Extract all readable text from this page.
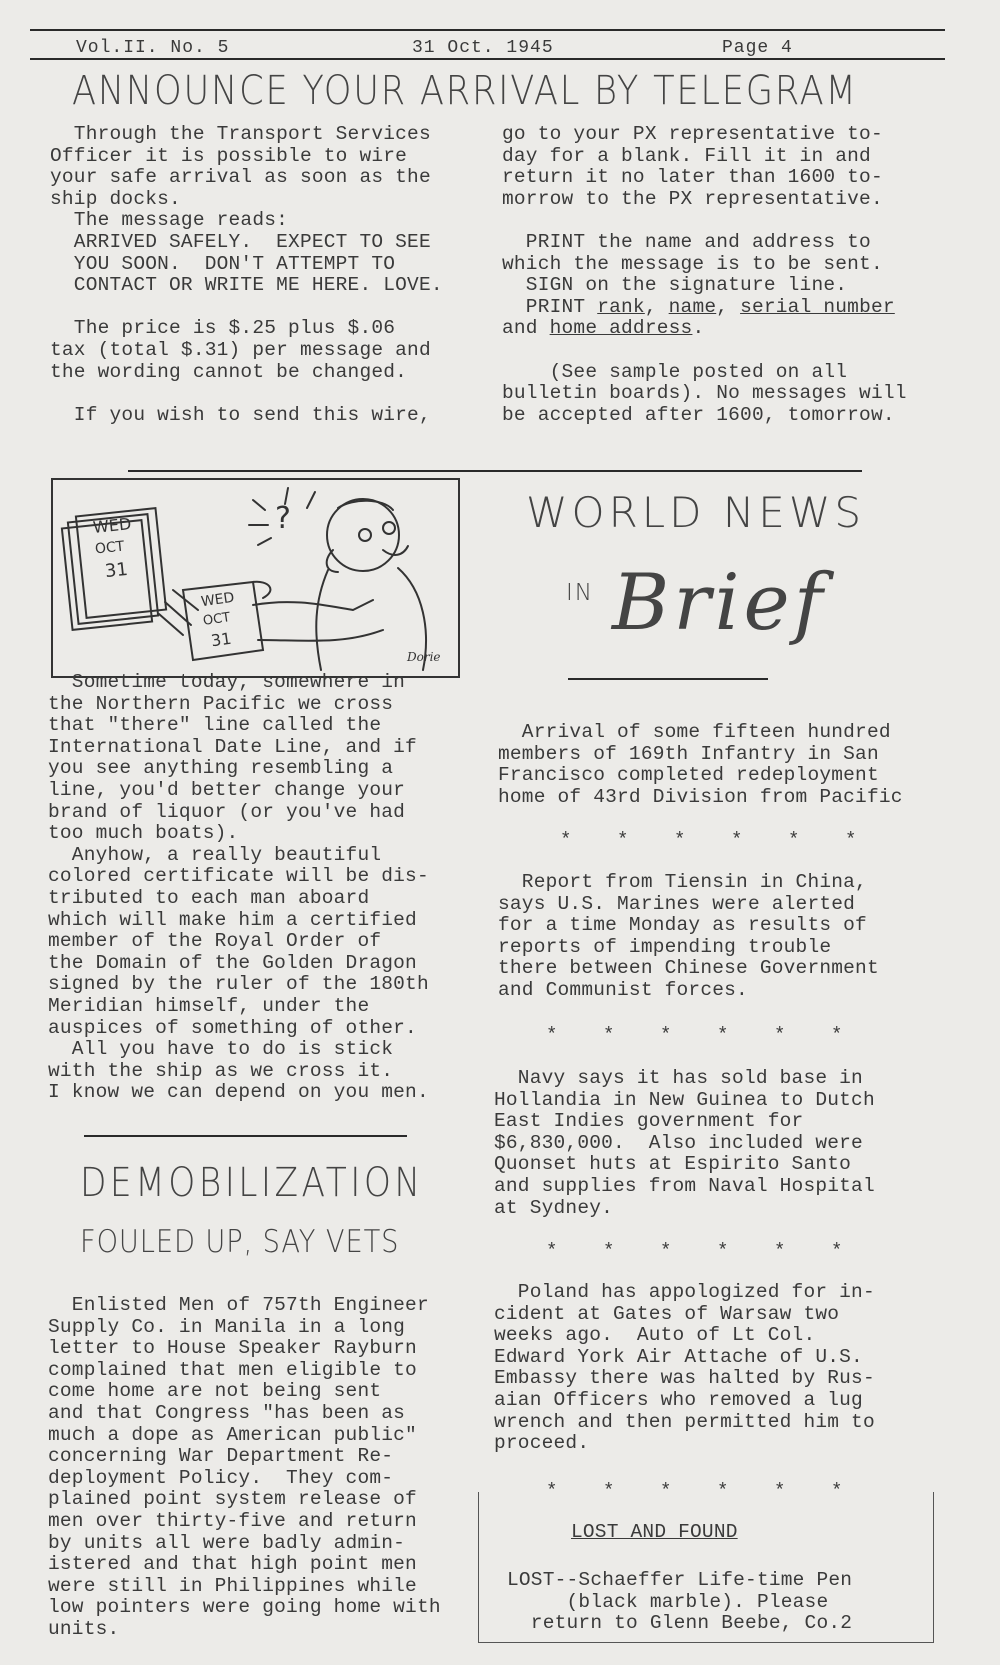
Vol.II. No. 5	31 Oct. 1945	Page 4
ANNOUNCE YOUR ARRIVAL BY TELEGRAM
Through the Transport Services
Officer it is possible to wire
your safe arrival as soon as the
ship docks.
The message reads:
ARRIVED SAFELY.  EXPECT TO SEE
YOU SOON.  DON'T ATTEMPT TO
CONTACT OR WRITE ME HERE. LOVE.

The price is $.25 plus $.06
tax (total $.31) per message and
the wording cannot be changed.

If you wish to send this wire,
go to your PX representative to-
day for a blank. Fill it in and
return it no later than 1600 to-
morrow to the PX representative.

PRINT the name and address to
which the message is to be sent.
SIGN on the signature line.
PRINT rank, name, serial number
and home address.

(See sample posted on all
bulletin boards). No messages will
be accepted after 1600, tomorrow.
?
WED
OCT
31
WED
OCT
31
Dorie
Sometime today, somewhere in
the Northern Pacific we cross
that "there" line called the
International Date Line, and if
you see anything resembling a
line, you'd better change your
brand of liquor (or you've had
too much boats).
Anyhow, a really beautiful
colored certificate will be dis-
tributed to each man aboard
which will make him a certified
member of the Royal Order of
the Domain of the Golden Dragon
signed by the ruler of the 180th
Meridian himself, under the
auspices of something of other.
All you have to do is stick
with the ship as we cross it.
I know we can depend on you men.
DEMOBILIZATION
FOULED UP, SAY VETS
Enlisted Men of 757th Engineer
Supply Co. in Manila in a long
letter to House Speaker Rayburn
complained that men eligible to
come home are not being sent
and that Congress "has been as
much a dope as American public"
concerning War Department Re-
deployment Policy.  They com-
plained point system release of
men over thirty-five and return
by units all were badly admin-
istered and that high point men
were still in Philippines while
low pointers were going home with
units.
WORLD NEWS
IN Brief
Arrival of some fifteen hundred
members of 169th Infantry in San
Francisco completed redeployment
home of 43rd Division from Pacific
*    *    *    *    *    *
Report from Tiensin in China,
says U.S. Marines were alerted
for a time Monday as results of
reports of impending trouble
there between Chinese Government
and Communist forces.
*    *    *    *    *    *
Navy says it has sold base in
Hollandia in New Guinea to Dutch
East Indies government for
$6,830,000.  Also included were
Quonset huts at Espirito Santo
and supplies from Naval Hospital
at Sydney.
*    *    *    *    *    *
Poland has appologized for in-
cident at Gates of Warsaw two
weeks ago.  Auto of Lt Col.
Edward York Air Attache of U.S.
Embassy there was halted by Rus-
aian Officers who removed a lug
wrench and then permitted him to
proceed.
*    *    *    *    *    *
LOST AND FOUND
LOST--Schaeffer Life-time Pen
(black marble). Please
return to Glenn Beebe, Co.2
